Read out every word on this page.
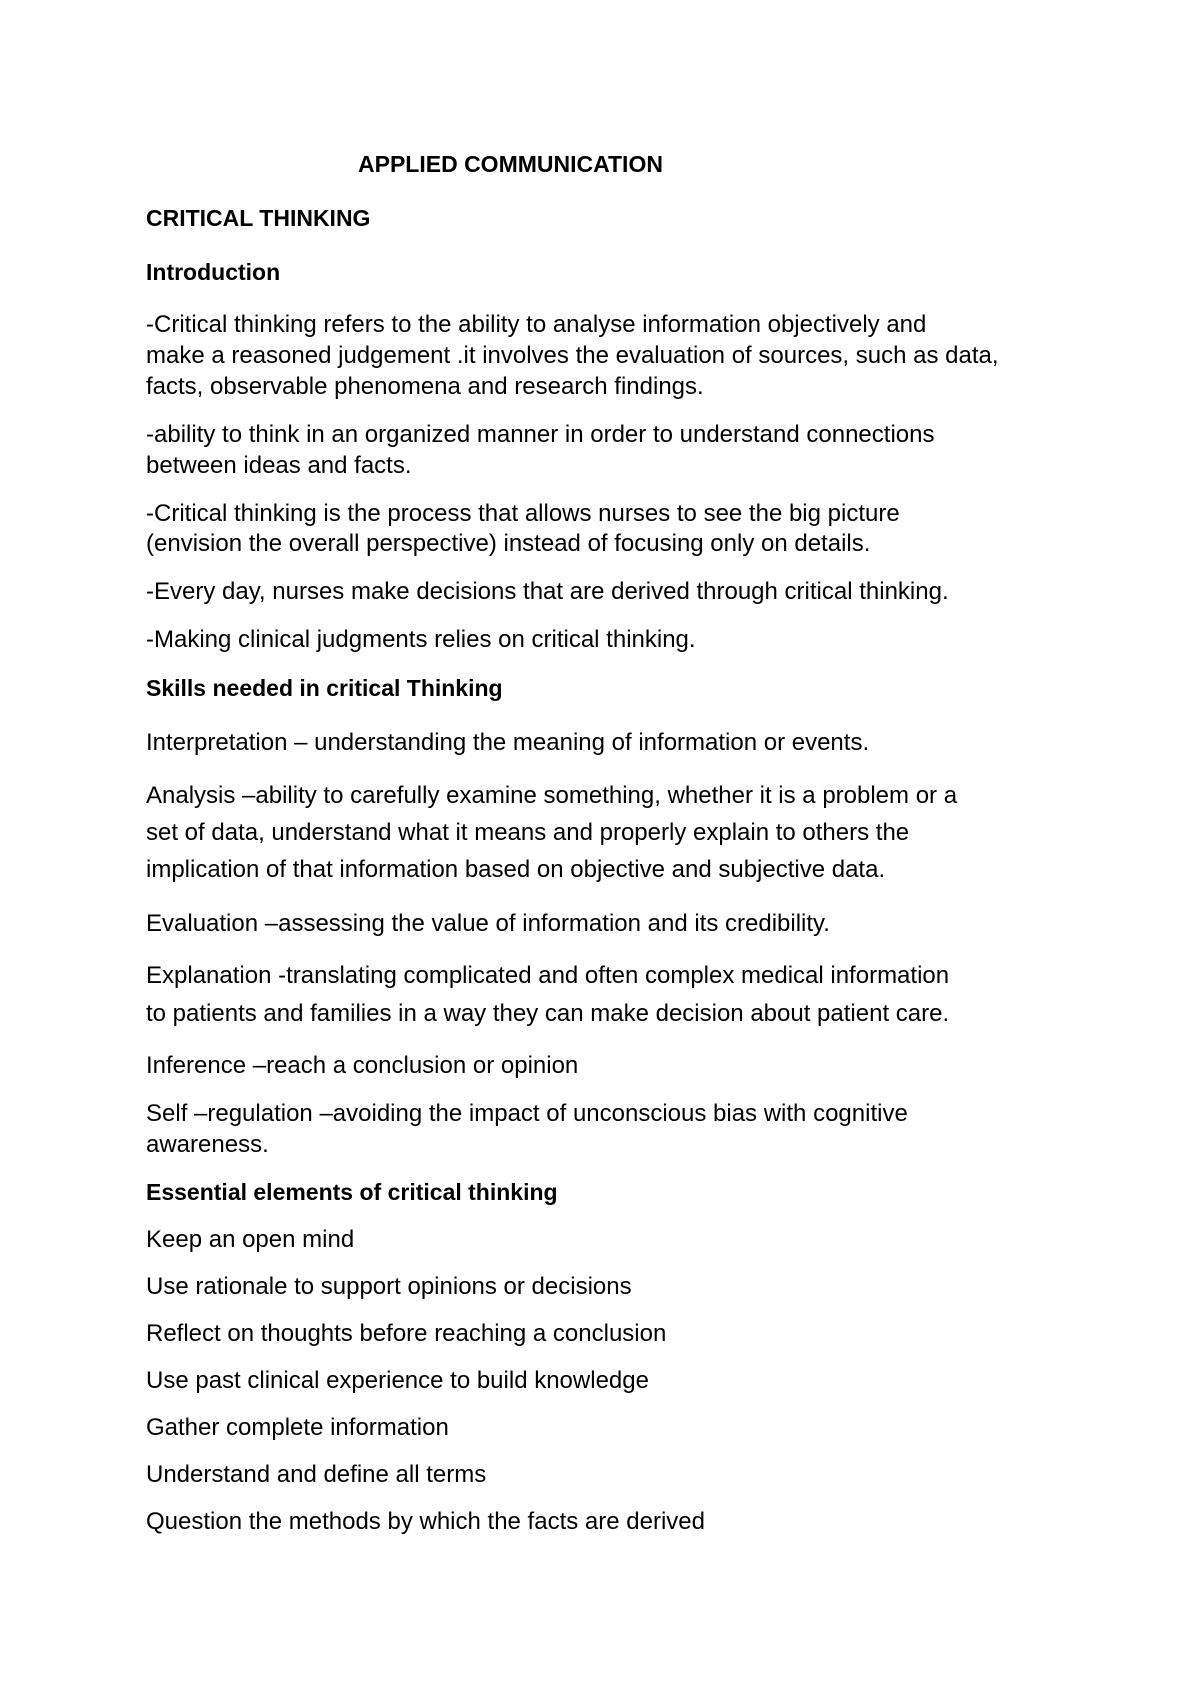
APPLIED COMMUNICATION
CRITICAL THINKING
Introduction
-Critical thinking refers to the ability to analyse information objectively and
make a reasoned judgement .it involves the evaluation of sources, such as data,
facts, observable phenomena and research findings.
-ability to think in an organized manner in order to understand connections
between ideas and facts.
-Critical thinking is the process that allows nurses to see the big picture
(envision the overall perspective) instead of focusing only on details.
-Every day, nurses make decisions that are derived through critical thinking.
-Making clinical judgments relies on critical thinking.
Skills needed in critical Thinking
Interpretation – understanding the meaning of information or events.
Analysis –ability to carefully examine something, whether it is a problem or a
set of data, understand what it means and properly explain to others the
implication of that information based on objective and subjective data.
Evaluation –assessing the value of information and its credibility.
Explanation -translating complicated and often complex medical information
to patients and families in a way they can make decision about patient care.
Inference –reach a conclusion or opinion
Self –regulation –avoiding the impact of unconscious bias with cognitive
awareness.
Essential elements of critical thinking
Keep an open mind
Use rationale to support opinions or decisions
Reflect on thoughts before reaching a conclusion
Use past clinical experience to build knowledge
Gather complete information
Understand and define all terms
Question the methods by which the facts are derived
